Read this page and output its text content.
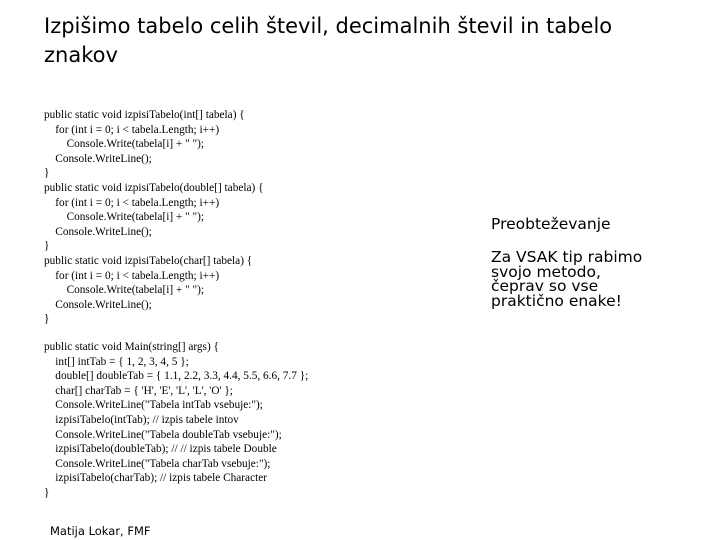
Izpišimo tabelo celih števil, decimalnih števil in tabelo znakov
public static void izpisiTabelo(int[] tabela) {
for (int i = 0; i < tabela.Length; i++)
Console.Write(tabela[i] + " ");
Console.WriteLine();
}
public static void izpisiTabelo(double[] tabela) {
for (int i = 0; i < tabela.Length; i++)
Console.Write(tabela[i] + " ");
Console.WriteLine();
}
public static void izpisiTabelo(char[] tabela) {
for (int i = 0; i < tabela.Length; i++)
Console.Write(tabela[i] + " ");
Console.WriteLine();
}
public static void Main(string[] args) {
int[] intTab = { 1, 2, 3, 4, 5 };
double[] doubleTab = { 1.1, 2.2, 3.3, 4.4, 5.5, 6.6, 7.7 };
char[] charTab = { 'H', 'E', 'L', 'L', 'O' };
Console.WriteLine("Tabela intTab vsebuje:");
izpisiTabelo(intTab); // izpis tabele intov
Console.WriteLine("Tabela doubleTab vsebuje:");
izpisiTabelo(doubleTab); // // izpis tabele Double
Console.WriteLine("Tabela charTab vsebuje:");
izpisiTabelo(charTab); // izpis tabele Character
}
Preobteževanje
Za VSAK tip rabimo
svojo metodo,
čeprav so vse
praktično enake!
Matija Lokar, FMF
